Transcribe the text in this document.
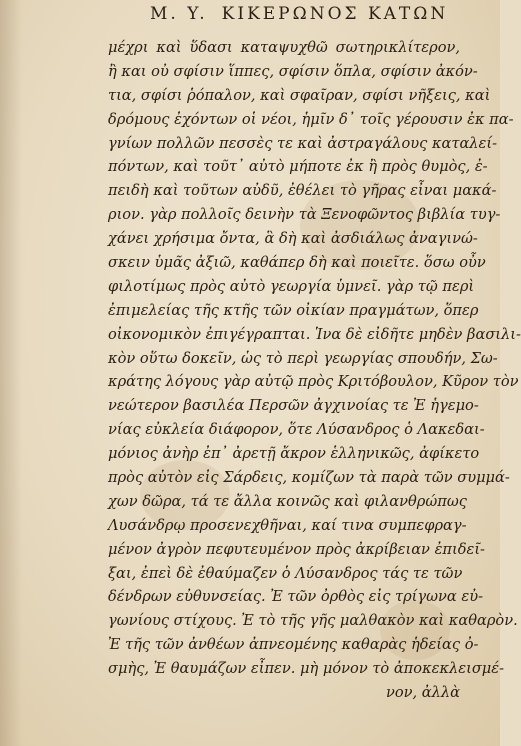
M. Y. ΚΙΚΕΡΩΝΟΣ ΚΑΤΩΝ
μέχρι καὶ ὕδασι καταψυχθῶ σωτηρικλίτερον,
ἢ και οὐ σφίσιν ἵππες, σφίσιν ὅπλα, σφίσιν ἀκόν-
τια, σφίσι ῥόπαλον, καὶ σφαῖραν, σφίσι νῆξεις, καὶ
δρόμους ἐχόντων οἱ νέοι, ἡμῖν δ᾽ τοῖς γέρουσιν ἐκ πα-
γνίων πολλῶν πεσσὲς τε καὶ ἀστραγάλους καταλεί-
πόντων, καὶ τοῦτ᾽ αὐτὸ μήποτε ἐκ ἢ πρὸς θυμὸς, ἐ-
πειδὴ καὶ τοῦτων αὐδῦ, ἐθέλει τὸ γῆρας εἶναι μακά-
ριον. γὰρ πολλοῖς δεινὴν τὰ Ξενοφῶντος βιβλία τυγ-
χάνει χρήσιμα ὄντα, ἃ δὴ καὶ ἀσδιάλως ἀναγινώ-
σκειν ὑμᾶς ἀξιῶ, καθάπερ δὴ καὶ ποιεῖτε. ὅσω οὖν
φιλοτίμως πρὸς αὐτὸ γεωργία ὑμνεῖ. γὰρ τῷ περὶ
ἐπιμελείας τῆς κτῆς τῶν οἰκίαν πραγμάτων, ὅπερ
οἰκονομικὸν ἐπιγέγραπται. Ἱνα δὲ εἰδῆτε μηδὲν βασιλι-
κὸν οὕτω δοκεῖν, ὡς τὸ περὶ γεωργίας σπουδήν, Σω-
κράτης λόγους γὰρ αὐτῷ πρὸς Κριτόβουλον, Κῦρον τὸν
νεώτερον βασιλέα Περσῶν ἀγχινοίας τε Ἐ ἡγεμο-
νίας εὐκλεία διάφορον, ὅτε Λύσανδρος ὁ Λακεδαι-
μόνιος ἀνὴρ ἐπ᾽ ἀρετῇ ἄκρον ἑλληνικῶς, ἀφίκετο
πρὸς αὐτὸν εἰς Σάρδεις, κομίζων τὰ παρὰ τῶν συμμά-
χων δῶρα, τά τε ἄλλα κοινῶς καὶ φιλανθρώπως
Λυσάνδρῳ προσενεχθῆναι, καί τινα συμπεφραγ-
μένον ἀγρὸν πεφυτευμένον πρὸς ἀκρίβειαν ἐπιδεῖ-
ξαι, ἐπεὶ δὲ ἐθαύμαζεν ὁ Λύσανδρος τάς τε τῶν
δένδρων εὐθυνσείας. Ἐ τῶν ὀρθὸς εἰς τρίγωνα εὐ-
γωνίους στίχους. Ἐ τὸ τῆς γῆς μαλθακὸν καὶ καθαρὸν.
Ἐ τῆς τῶν ἀνθέων ἀπνεομένης καθαρὰς ἡδείας ὀ-
σμὴς, Ἐ θαυμάζων εἶπεν. μὴ μόνον τὸ ἀποκεκλεισμέ-
νον, ἀλλὰ
